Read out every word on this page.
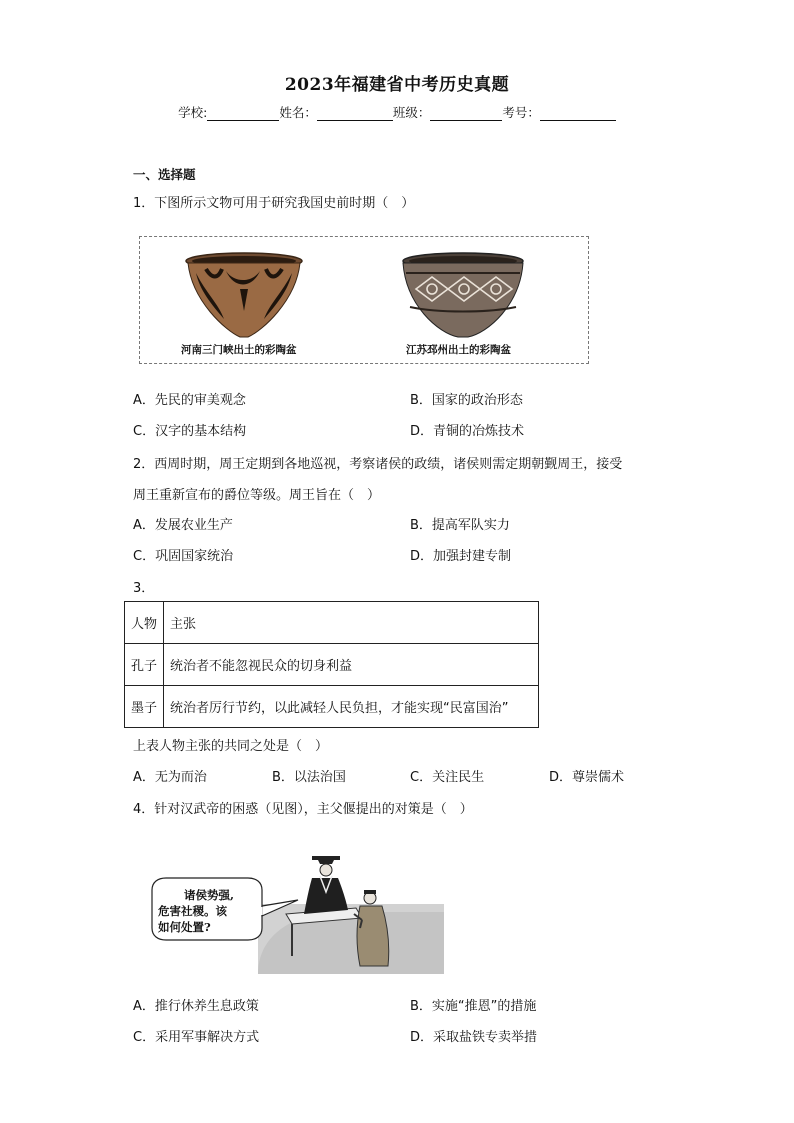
2023年福建省中考历史真题
学校:	姓名：	班级：	考号：
一、选择题
1．下图所示文物可用于研究我国史前时期（　）
河南三门峡出土的彩陶盆	江苏邳州出土的彩陶盆
A．先民的审美观念	B．国家的政治形态
C．汉字的基本结构	D．青铜的冶炼技术
2．西周时期，周王定期到各地巡视，考察诸侯的政绩，诸侯则需定期朝觐周王，接受
周王重新宣布的爵位等级。周王旨在（　）
A．发展农业生产	B．提高军队实力
C．巩固国家统治	D．加强封建专制
3．
人物	主张
孔子	统治者不能忽视民众的切身利益
墨子	统治者厉行节约，以此减轻人民负担，才能实现“民富国治”
上表人物主张的共同之处是（　）
A．无为而治	B．以法治国	C．关注民生	D．尊崇儒术
4．针对汉武帝的困惑（见图），主父偃提出的对策是（　）
诸侯势强,
危害社稷。该
如何处置?
A．推行休养生息政策	B．实施“推恩”的措施
C．采用军事解决方式	D．采取盐铁专卖举措
